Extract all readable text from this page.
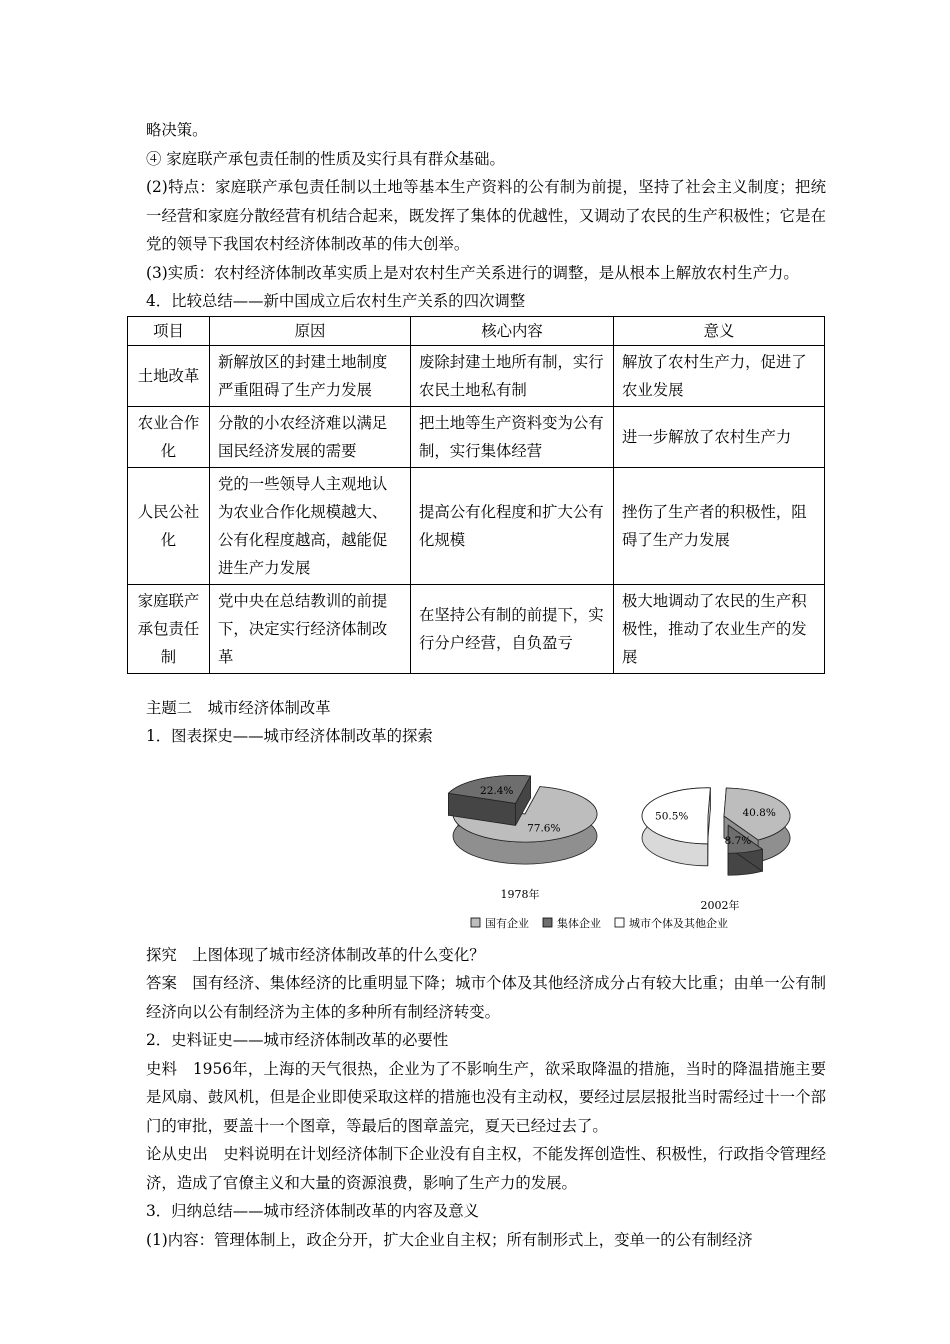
略决策。

④ 家庭联产承包责任制的性质及实行具有群众基础。

(2)特点：家庭联产承包责任制以土地等基本生产资料的公有制为前提，坚持了社会主义制度；把统一经营和家庭分散经营有机结合起来，既发挥了集体的优越性，又调动了农民的生产积极性；它是在党的领导下我国农村经济体制改革的伟大创举。

(3)实质：农村经济体制改革实质上是对农村生产关系进行的调整，是从根本上解放农村生产力。

4．比较总结——新中国成立后农村生产关系的四次调整

项目	原因	核心内容	意义
土地改革	新解放区的封建土地制度严重阻碍了生产力发展	废除封建土地所有制，实行农民土地私有制	解放了农村生产力，促进了农业发展
农业合作化	分散的小农经济难以满足国民经济发展的需要	把土地等生产资料变为公有制，实行集体经营	进一步解放了农村生产力
人民公社化	党的一些领导人主观地认为农业合作化规模越大、公有化程度越高，越能促进生产力发展	提高公有化程度和扩大公有化规模	挫伤了生产者的积极性，阻碍了生产力发展
家庭联产承包责任制	党中央在总结教训的前提下，决定实行经济体制改革	在坚持公有制的前提下，实行分户经营，自负盈亏	极大地调动了农民的生产积极性，推动了农业生产的发展

主题二　城市经济体制改革

1．图表探史——城市经济体制改革的探索

77.6%
22.4%
40.8%
8.7%
50.5%
1978年
2002年
国有企业	集体企业	城市个体及其他企业

探究　上图体现了城市经济体制改革的什么变化？

答案　国有经济、集体经济的比重明显下降；城市个体及其他经济成分占有较大比重；由单一公有制经济向以公有制经济为主体的多种所有制经济转变。

2．史料证史——城市经济体制改革的必要性

史料　1956年，上海的天气很热，企业为了不影响生产，欲采取降温的措施，当时的降温措施主要是风扇、鼓风机，但是企业即使采取这样的措施也没有主动权，要经过层层报批当时需经过十一个部门的审批，要盖十一个图章，等最后的图章盖完，夏天已经过去了。

论从史出　史料说明在计划经济体制下企业没有自主权，不能发挥创造性、积极性，行政指令管理经济，造成了官僚主义和大量的资源浪费，影响了生产力的发展。

3．归纳总结——城市经济体制改革的内容及意义

(1)内容：管理体制上，政企分开，扩大企业自主权；所有制形式上，变单一的公有制经济
